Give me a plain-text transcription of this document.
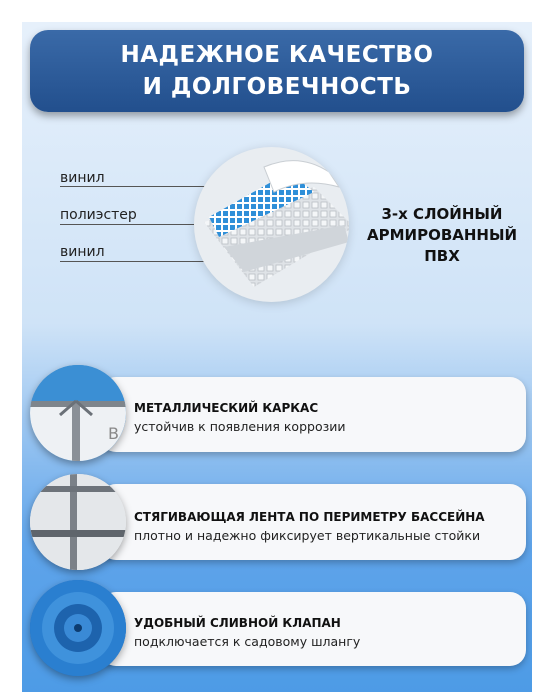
НАДЕЖНОЕ КАЧЕСТВО
И ДОЛГОВЕЧНОСТЬ
винил
полиэстер
винил
3-х СЛОЙНЫЙ
АРМИРОВАННЫЙ
ПВХ
МЕТАЛЛИЧЕСКИЙ КАРКАС
устойчив к появления коррозии
B
СТЯГИВАЮЩАЯ ЛЕНТА ПО ПЕРИМЕТРУ БАССЕЙНА
плотно и надежно фиксирует вертикальные стойки
УДОБНЫЙ СЛИВНОЙ КЛАПАН
подключается к садовому шлангу
